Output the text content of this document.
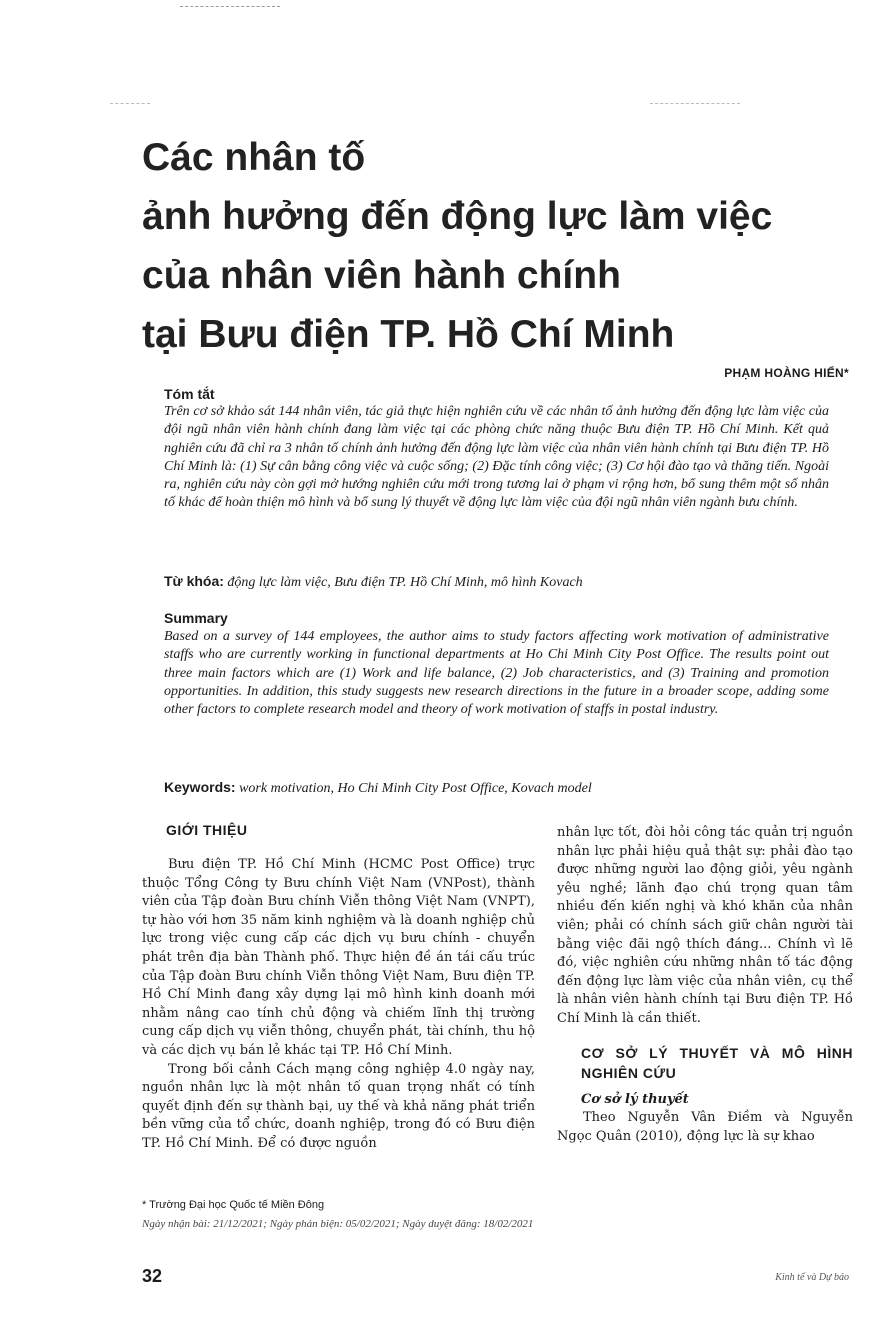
Các nhân tố
ảnh hưởng đến động lực làm việc
của nhân viên hành chính
tại Bưu điện TP. Hồ Chí Minh
PHẠM HOÀNG HIỂN*
Tóm tắt
Trên cơ sở khảo sát 144 nhân viên, tác giả thực hiện nghiên cứu về các nhân tố ảnh hưởng đến động lực làm việc của đội ngũ nhân viên hành chính đang làm việc tại các phòng chức năng thuộc Bưu điện TP. Hồ Chí Minh. Kết quả nghiên cứu đã chỉ ra 3 nhân tố chính ảnh hưởng đến động lực làm việc của nhân viên hành chính tại Bưu điện TP. Hồ Chí Minh là: (1) Sự cân bằng công việc và cuộc sống; (2) Đặc tính công việc; (3) Cơ hội đào tạo và thăng tiến. Ngoài ra, nghiên cứu này còn gợi mở hướng nghiên cứu mới trong tương lai ở phạm vi rộng hơn, bổ sung thêm một số nhân tố khác để hoàn thiện mô hình và bổ sung lý thuyết về động lực làm việc của đội ngũ nhân viên ngành bưu chính.
Từ khóa: động lực làm việc, Bưu điện TP. Hồ Chí Minh, mô hình Kovach
Summary
Based on a survey of 144 employees, the author aims to study factors affecting work motivation of administrative staffs who are currently working in functional departments at Ho Chi Minh City Post Office. The results point out three main factors which are (1) Work and life balance, (2) Job characteristics, and (3) Training and promotion opportunities. In addition, this study suggests new research directions in the future in a broader scope, adding some other factors to complete research model and theory of work motivation of staffs in postal industry.
Keywords: work motivation, Ho Chi Minh City Post Office, Kovach model
GIỚI THIỆU

Bưu điện TP. Hồ Chí Minh (HCMC Post Office) trực thuộc Tổng Công ty Bưu chính Việt Nam (VNPost), thành viên của Tập đoàn Bưu chính Viễn thông Việt Nam (VNPT), tự hào với hơn 35 năm kinh nghiệm và là doanh nghiệp chủ lực trong việc cung cấp các dịch vụ bưu chính - chuyển phát trên địa bàn Thành phố. Thực hiện đề án tái cấu trúc của Tập đoàn Bưu chính Viễn thông Việt Nam, Bưu điện TP. Hồ Chí Minh đang xây dựng lại mô hình kinh doanh mới nhằm nâng cao tính chủ động và chiếm lĩnh thị trường cung cấp dịch vụ viễn thông, chuyển phát, tài chính, thu hộ và các dịch vụ bán lẻ khác tại TP. Hồ Chí Minh.

Trong bối cảnh Cách mạng công nghiệp 4.0 ngày nay, nguồn nhân lực là một nhân tố quan trọng nhất có tính quyết định đến sự thành bại, uy thế và khả năng phát triển bền vững của tổ chức, doanh nghiệp, trong đó có Bưu điện TP. Hồ Chí Minh. Để có được nguồn

nhân lực tốt, đòi hỏi công tác quản trị nguồn nhân lực phải hiệu quả thật sự: phải đào tạo được những người lao động giỏi, yêu ngành yêu nghề; lãnh đạo chú trọng quan tâm nhiều đến kiến nghị và khó khăn của nhân viên; phải có chính sách giữ chân người tài bằng việc đãi ngộ thích đáng... Chính vì lẽ đó, việc nghiên cứu những nhân tố tác động đến động lực làm việc của nhân viên, cụ thể là nhân viên hành chính tại Bưu điện TP. Hồ Chí Minh là cần thiết.

CƠ SỞ LÝ THUYẾT VÀ MÔ HÌNH NGHIÊN CỨU
Cơ sở lý thuyết

Theo Nguyễn Vân Điềm và Nguyễn Ngọc Quân (2010), động lực là sự khao

* Trường Đại học Quốc tế Miền Đông
Ngày nhận bài: 21/12/2021; Ngày phản biện: 05/02/2021; Ngày duyệt đăng: 18/02/2021
32	Kinh tế và Dự báo
